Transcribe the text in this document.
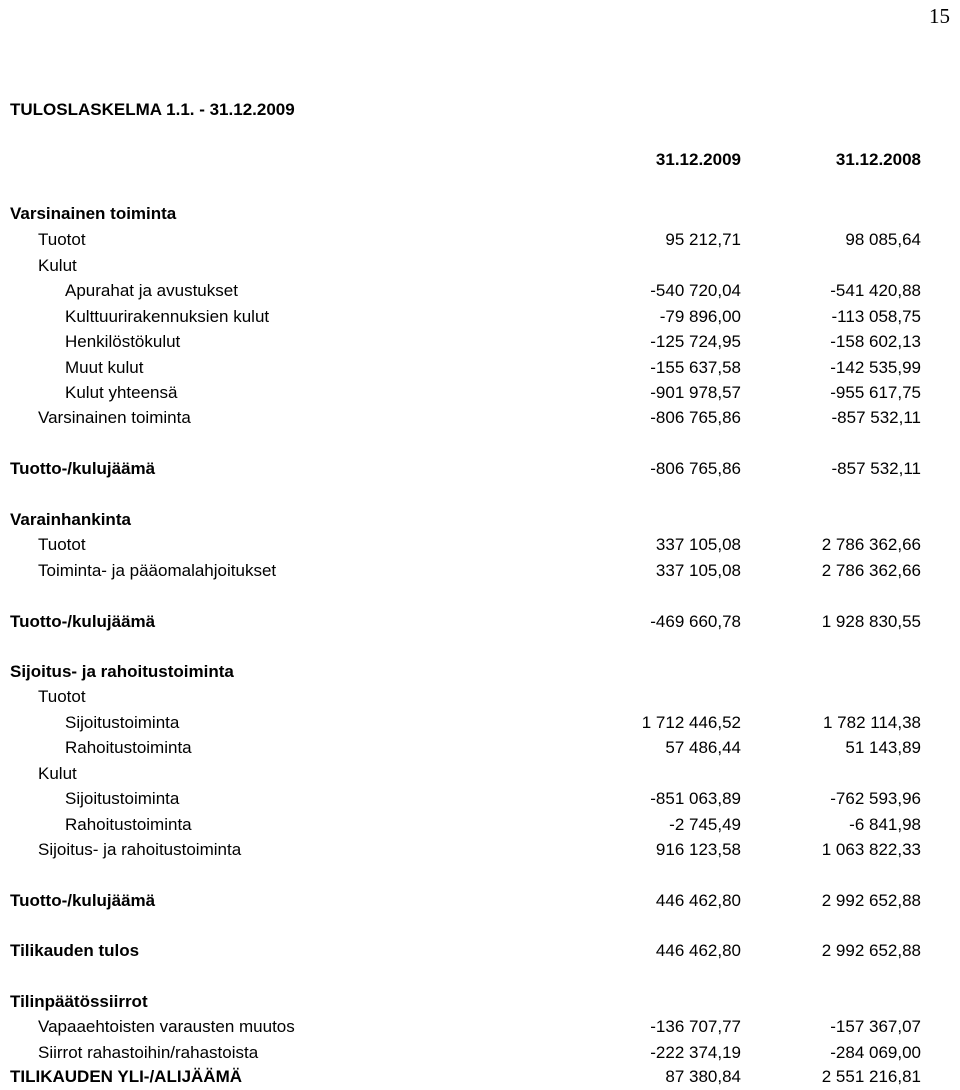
15
TULOSLASKELMA 1.1. - 31.12.2009
31.12.2009	31.12.2008
Varsinainen toiminta
Tuotot	95 212,71	98 085,64
Kulut
Apurahat ja avustukset	-540 720,04	-541 420,88
Kulttuurirakennuksien kulut	-79 896,00	-113 058,75
Henkilöstökulut	-125 724,95	-158 602,13
Muut kulut	-155 637,58	-142 535,99
Kulut yhteensä	-901 978,57	-955 617,75
Varsinainen toiminta	-806 765,86	-857 532,11
Tuotto-/kulujäämä	-806 765,86	-857 532,11
Varainhankinta
Tuotot	337 105,08	2 786 362,66
Toiminta- ja pääomalahjoitukset	337 105,08	2 786 362,66
Tuotto-/kulujäämä	-469 660,78	1 928 830,55
Sijoitus- ja rahoitustoiminta
Tuotot
Sijoitustoiminta	1 712 446,52	1 782 114,38
Rahoitustoiminta	57 486,44	51 143,89
Kulut
Sijoitustoiminta	-851 063,89	-762 593,96
Rahoitustoiminta	-2 745,49	-6 841,98
Sijoitus- ja rahoitustoiminta	916 123,58	1 063 822,33
Tuotto-/kulujäämä	446 462,80	2 992 652,88
Tilikauden tulos	446 462,80	2 992 652,88
Tilinpäätössiirrot
Vapaaehtoisten varausten muutos	-136 707,77	-157 367,07
Siirrot rahastoihin/rahastoista	-222 374,19	-284 069,00
TILIKAUDEN YLI-/ALIJÄÄMÄ	87 380,84	2 551 216,81
